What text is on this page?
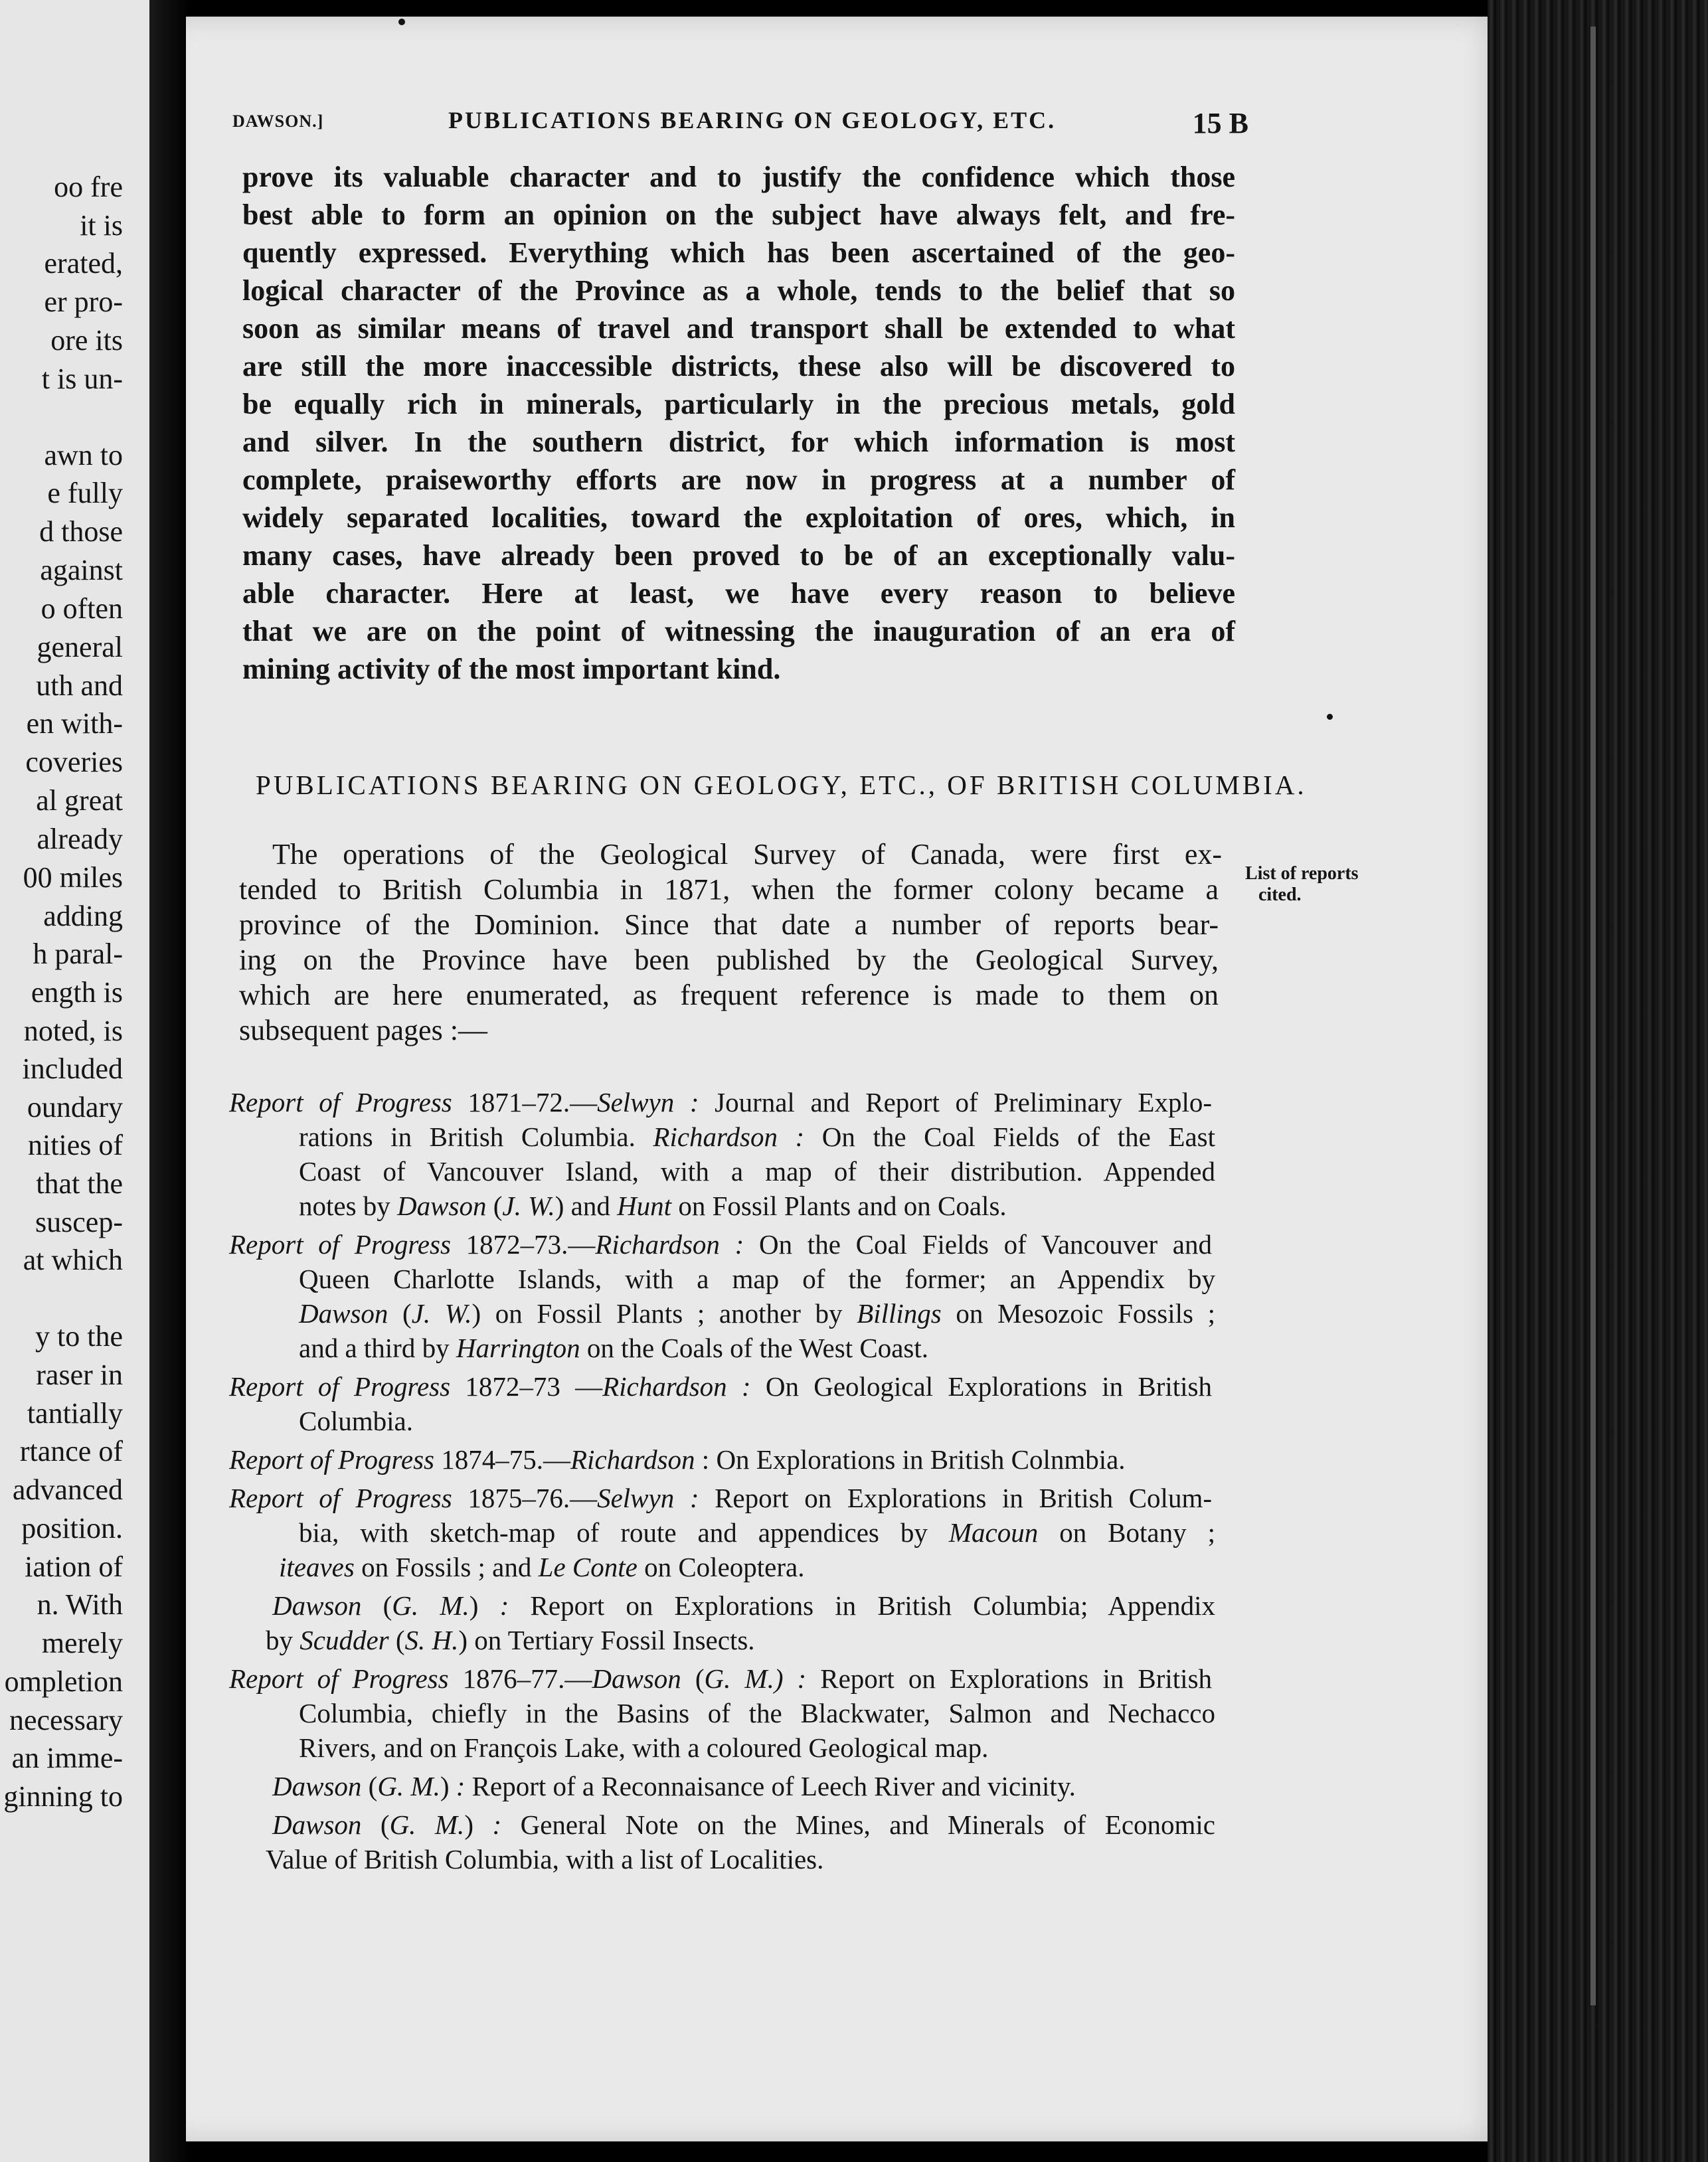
oo fre
it is
erated,
er pro-
ore its
t is un-
awn to
e fully
d those
against
o often
general
uth and
en with-
coveries
al great
already
00 miles
adding
h paral-
ength is
noted, is
included
oundary
nities of
that the
suscep-
at which
y to the
raser in
tantially
rtance of
advanced
position.
iation of
n. With
merely
ompletion
necessary
an imme-
ginning to
DAWSON.]	PUBLICATIONS BEARING ON GEOLOGY, ETC.	15 B
prove its valuable character and to justify the confidence which those
best able to form an opinion on the subject have always felt, and fre-
quently expressed. Everything which has been ascertained of the geo-
logical character of the Province as a whole, tends to the belief that so
soon as similar means of travel and transport shall be extended to what
are still the more inaccessible districts, these also will be discovered to
be equally rich in minerals, particularly in the precious metals, gold
and silver. In the southern district, for which information is most
complete, praiseworthy efforts are now in progress at a number of
widely separated localities, toward the exploitation of ores, which, in
many cases, have already been proved to be of an exceptionally valu-
able character. Here at least, we have every reason to believe
that we are on the point of witnessing the inauguration of an era of
mining activity of the most important kind.
PUBLICATIONS BEARING ON GEOLOGY, ETC., OF BRITISH COLUMBIA.
The operations of the Geological Survey of Canada, were first ex-
tended to British Columbia in 1871, when the former colony became a
province of the Dominion. Since that date a number of reports bear-
ing on the Province have been published by the Geological Survey,
which are here enumerated, as frequent reference is made to them on
subsequent pages :—
List of reports
cited.
Report of Progress 1871–72.—Selwyn : Journal and Report of Preliminary Explo-
rations in British Columbia. Richardson : On the Coal Fields of the East
Coast of Vancouver Island, with a map of their distribution. Appended
notes by Dawson (J. W.) and Hunt on Fossil Plants and on Coals.
Report of Progress 1872–73.—Richardson : On the Coal Fields of Vancouver and
Queen Charlotte Islands, with a map of the former; an Appendix by
Dawson (J. W.) on Fossil Plants ; another by Billings on Mesozoic Fossils ;
and a third by Harrington on the Coals of the West Coast.
Report of Progress 1872–73 —Richardson : On Geological Explorations in British
Columbia.
Report of Progress 1874–75.—Richardson : On Explorations in British Colnmbia.
Report of Progress 1875–76.—Selwyn : Report on Explorations in British Colum-
bia, with sketch-map of route and appendices by Macoun on Botany ;
iteaves on Fossils ; and Le Conte on Coleoptera.
Dawson (G. M.) : Report on Explorations in British Columbia; Appendix
by Scudder (S. H.) on Tertiary Fossil Insects.
Report of Progress 1876–77.—Dawson (G. M.) : Report on Explorations in British
Columbia, chiefly in the Basins of the Blackwater, Salmon and Nechacco
Rivers, and on François Lake, with a coloured Geological map.
Dawson (G. M.) : Report of a Reconnaisance of Leech River and vicinity.
Dawson (G. M.) : General Note on the Mines, and Minerals of Economic
Value of British Columbia, with a list of Localities.
